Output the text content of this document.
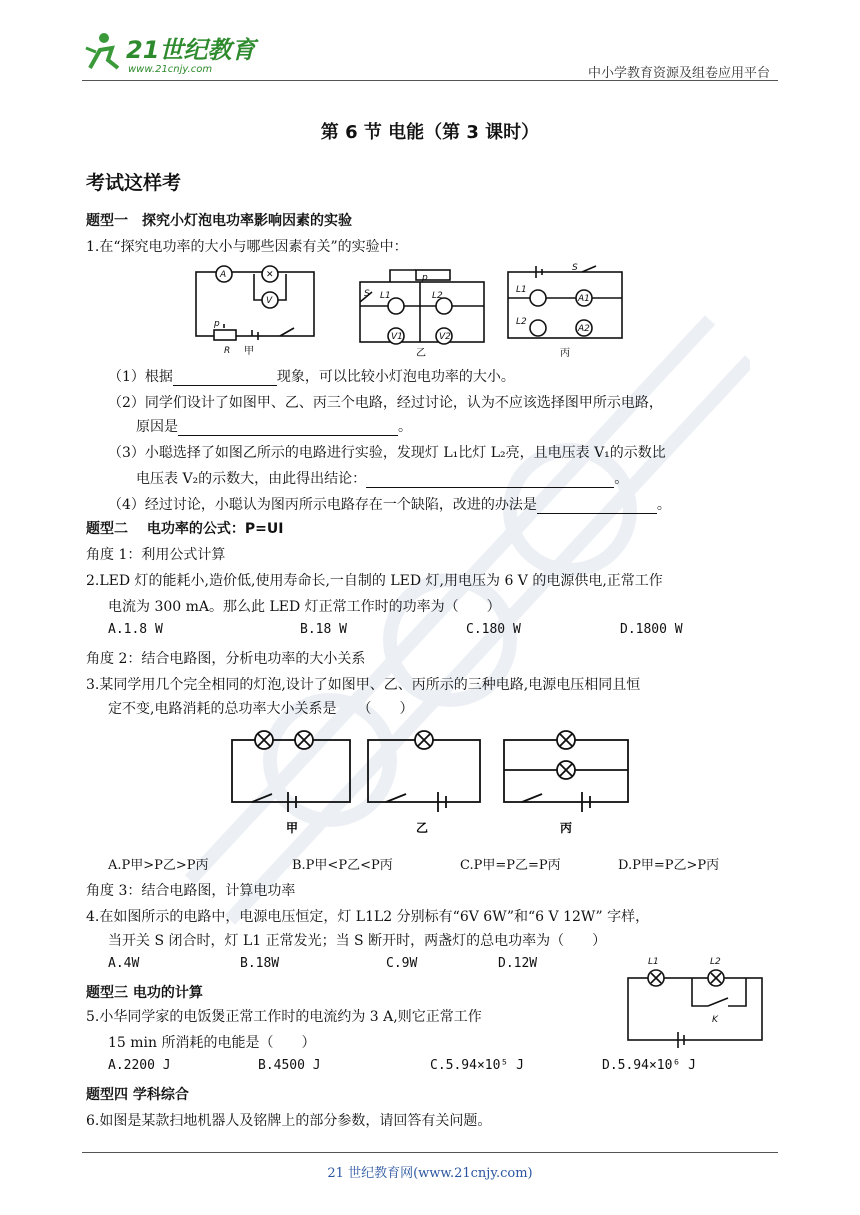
21世纪教育
www.21cnjy.com	中小学教育资源及组卷应用平台
第 6 节 电能（第 3 课时）
考试这样考
题型一　探究小灯泡电功率影响因素的实验
1.在“探究电功率的大小与哪些因素有关”的实验中：
A	✕
V
p
R
S L1	L2
p
V1	V2
L1
L2
S
A1
A2
甲	乙	丙
（1）根据	现象，可以比较小灯泡电功率的大小。
（2）同学们设计了如图甲、乙、丙三个电路，经过讨论，认为不应该选择图甲所示电路，
原因是	。
（3）小聪选择了如图乙所示的电路进行实验，发现灯 L₁比灯 L₂亮，且电压表 V₁的示数比
电压表 V₂的示数大，由此得出结论：	。
（4）经过讨论，小聪认为图丙所示电路存在一个缺陷，改进的办法是	。
题型二　 电功率的公式：P=UI
角度 1：利用公式计算
2.LED 灯的能耗小,造价低,使用寿命长,一自制的 LED 灯,用电压为 6 V 的电源供电,正常工作
电流为 300 mA。那么此 LED 灯正常工作时的功率为（　　）
A.1.8 W	B.18 W	C.180 W	D.1800 W
角度 2：结合电路图，分析电功率的大小关系
3.某同学用几个完全相同的灯泡,设计了如图甲、乙、丙所示的三种电路,电源电压相同且恒
定不变,电路消耗的总功率大小关系是　　（　　）
甲	乙	丙
A.P甲>P乙>P丙	B.P甲<P乙<P丙	C.P甲=P乙=P丙	D.P甲=P乙>P丙
角度 3：结合电路图，计算电功率
4.在如图所示的电路中，电源电压恒定，灯 L1L2 分别标有“6V 6W”和“6 V 12W” 字样，
当开关 S 闭合时，灯 L1 正常发光；当 S 断开时，两盏灯的总电功率为（　　）
A.4W	B.18W	C.9W	D.12W	L1	L2
K
题型三 电功的计算
5.小华同学家的电饭煲正常工作时的电流约为 3 A,则它正常工作
15 min 所消耗的电能是（　　）
A.2200 J	B.4500 J	C.5.94×10⁵ J	D.5.94×10⁶ J
题型四 学科综合
6.如图是某款扫地机器人及铭牌上的部分参数，请回答有关问题。
21 世纪教育网(www.21cnjy.com)
